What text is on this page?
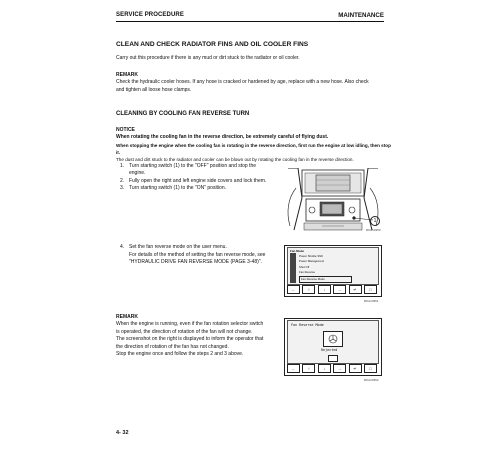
SERVICE PROCEDURE	MAINTENANCE
CLEAN AND CHECK RADIATOR FINS AND OIL COOLER FINS
Carry out this procedure if there is any mud or dirt stuck to the radiator or oil cooler.
REMARK
Check the hydraulic cooler hoses. If any hose is cracked or hardened by age, replace with a new hose. Also check
and tighten all loose hose clamps.
CLEANING BY COOLING FAN REVERSE TURN
NOTICE
When rotating the cooling fan in the reverse direction, be extremely careful of flying dust.
When stopping the engine when the cooling fan is rotating in the reverse direction, first run the engine at low idling, then stop it.
The dust and dirt stuck to the radiator and cooler can be blown out by rotating the cooling fan in the reverse direction.
1. Turn starting switch (1) to the "OFF" position and stop the
engine.
2. Fully open the right and left engine side covers and lock them.
3. Turn starting switch (1) to the "ON" position.
1
RKA10350
4. Set the fan reverse mode on the user menu.
For details of the method of setting the fan reverse mode, see
"HYDRAULIC DRIVE FAN REVERSE MODE (PAGE 3-48)".
Fan Mode
Power Shuttle Shift
Power Management
Shut Off
Fan Reverse
Fan Reverse Mode
←	↑	↓	→	↵	□
RKA10351
REMARK
When the engine is running, even if the fan rotation selector switch
is operated, the direction of rotation of the fan will not change.
The screenshot on the right is displayed to inform the operator that
the direction of rotation of the fan has not changed.
Stop the engine once and follow the steps 2 and 3 above.
Fan Reverse Mode
Rejected
←	↑	↓	→	↵	□
RKA10352
4- 32
